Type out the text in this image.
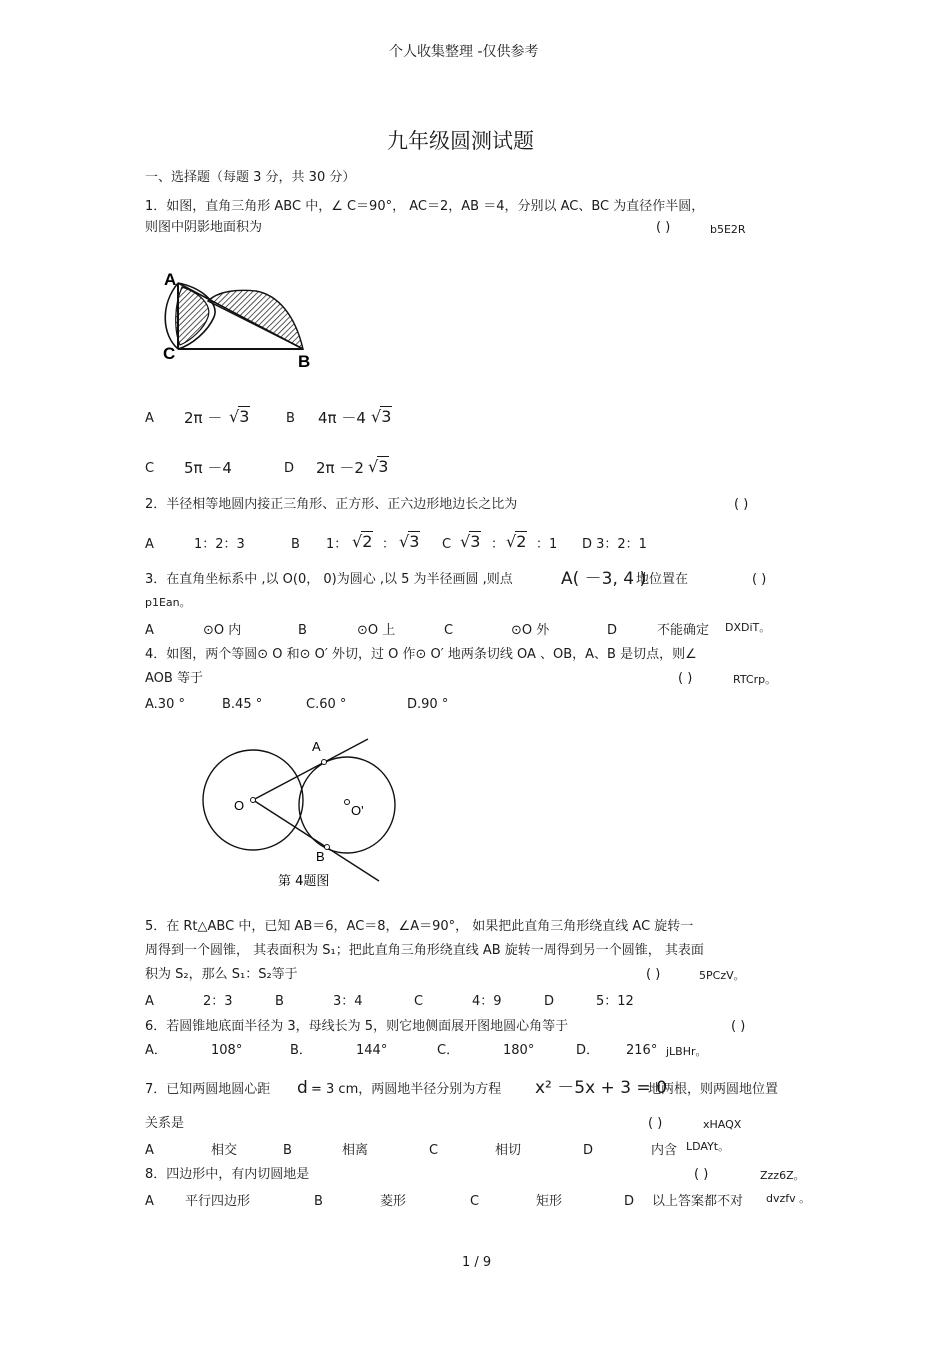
个人收集整理 -仅供参考
九年级圆测试题
一、选择题（每题 3 分，共 30 分）
1．如图，直角三角形 ABC 中，∠ C＝90°， AC＝2，AB ＝4，分别以 AC、BC 为直径作半圆，
则图中阴影地面积为	( )	b5E2R
A
C	B
A 2π － √3	B 4π －4 √3
C 5π －4	D 2π －2 √3
2．半径相等地圆内接正三角形、正方形、正六边形地边长之比为	( )
A	1：2：3	B 1： √2 ： √3 C √3 ： √2 ：1 D 3：2：1
3．在直角坐标系中 ,以 O(0， 0)为圆心 ,以 5 为半径画圆 ,则点	A( －3, 4 )
地位置在	( )
p1Ean。
A	⊙O 内	B	⊙O 上	C	⊙O 外	D	不能确定 DXDiT。
4．如图，两个等圆⊙ O 和⊙ O′ 外切，过 O 作⊙ O′ 地两条切线 OA 、OB，A、B 是切点，则∠
AOB 等于	( )	RTCrp。
A.30 °	B.45 °	C.60 °	D.90 °
A
B
O	O'
第 4题图
5．在 Rt△ABC 中，已知 AB＝6，AC＝8，∠A＝90°， 如果把此直角三角形绕直线 AC 旋转一
周得到一个圆锥， 其表面积为 S₁；把此直角三角形绕直线 AB 旋转一周得到另一个圆锥， 其表面
积为 S₂，那么 S₁：S₂等于	( )	5PCzV。
A	2：3	B	3：4	C	4：9	D	5：12
6．若圆锥地底面半径为 3，母线长为 5，则它地侧面展开图地圆心角等于	( )
A．	108°	B．	144°	C．	180°	D． 216° jLBHr。
7．已知两圆地圆心距 d = 3 cm，两圆地半径分别为方程 x² －5x + 3 = 0
地两根，则两圆地位置
关系是	( )	xHAQX
A	相交	B	相离	C	相切	D	内含 LDAYt。
8．四边形中，有内切圆地是	( )	Zzz6Z。
A 平行四边形	B	菱形	C	矩形	D 以上答案都不对 dvzfv 。
1 / 9
